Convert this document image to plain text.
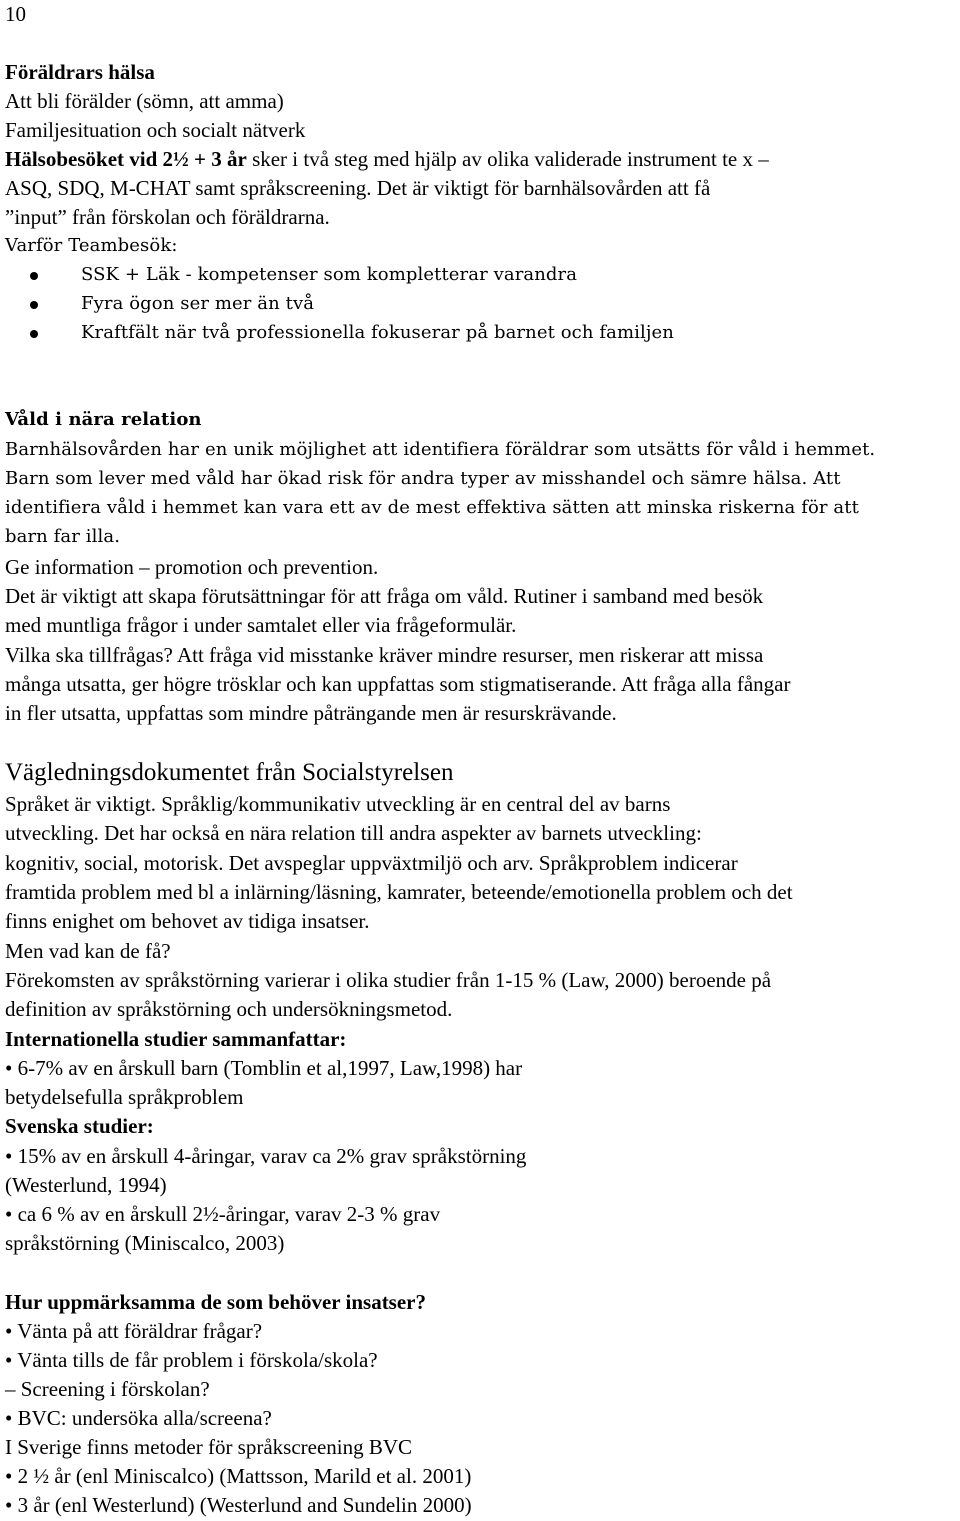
10
Föräldrars hälsa
Att bli förälder (sömn, att amma)
Familjesituation och socialt nätverk
Hälsobesöket vid 2½ + 3 år sker i två steg med hjälp av olika validerade instrument te x –
ASQ, SDQ, M-CHAT samt språkscreening. Det är viktigt för barnhälsovården att få
”input” från förskolan och föräldrarna.
Varför Teambesök:
SSK + Läk - kompetenser som kompletterar varandra
Fyra ögon ser mer än två
Kraftfält när två professionella fokuserar på barnet och familjen
Våld i nära relation
Barnhälsovården har en unik möjlighet att identifiera föräldrar som utsätts för våld i hemmet.
Barn som lever med våld har ökad risk för andra typer av misshandel och sämre hälsa. Att
identifiera våld i hemmet kan vara ett av de mest effektiva sätten att minska riskerna för att
barn far illa.
Ge information – promotion och prevention.
Det är viktigt att skapa förutsättningar för att fråga om våld. Rutiner i samband med besök
med muntliga frågor i under samtalet eller via frågeformulär.
Vilka ska tillfrågas? Att fråga vid misstanke kräver mindre resurser, men riskerar att missa
många utsatta, ger högre trösklar och kan uppfattas som stigmatiserande. Att fråga alla fångar
in fler utsatta, uppfattas som mindre påträngande men är resurskrävande.
Vägledningsdokumentet från Socialstyrelsen
Språket är viktigt. Språklig/kommunikativ utveckling är en central del av barns
utveckling. Det har också en nära relation till andra aspekter av barnets utveckling:
kognitiv, social, motorisk. Det avspeglar uppväxtmiljö och arv. Språkproblem indicerar
framtida problem med bl a inlärning/läsning, kamrater, beteende/emotionella problem och det
finns enighet om behovet av tidiga insatser.
Men vad kan de få?
Förekomsten av språkstörning varierar i olika studier från 1-15 % (Law, 2000) beroende på
definition av språkstörning och undersökningsmetod.
Internationella studier sammanfattar:
• 6-7% av en årskull barn (Tomblin et al,1997, Law,1998) har
betydelsefulla språkproblem
Svenska studier:
• 15% av en årskull 4-åringar, varav ca 2% grav språkstörning
(Westerlund, 1994)
• ca 6 % av en årskull 2½-åringar, varav 2-3 % grav
språkstörning (Miniscalco, 2003)
Hur uppmärksamma de som behöver insatser?
• Vänta på att föräldrar frågar?
• Vänta tills de får problem i förskola/skola?
– Screening i förskolan?
• BVC: undersöka alla/screena?
I Sverige finns metoder för språkscreening BVC
• 2 ½ år (enl Miniscalco) (Mattsson, Marild et al. 2001)
• 3 år (enl Westerlund) (Westerlund and Sundelin 2000)
